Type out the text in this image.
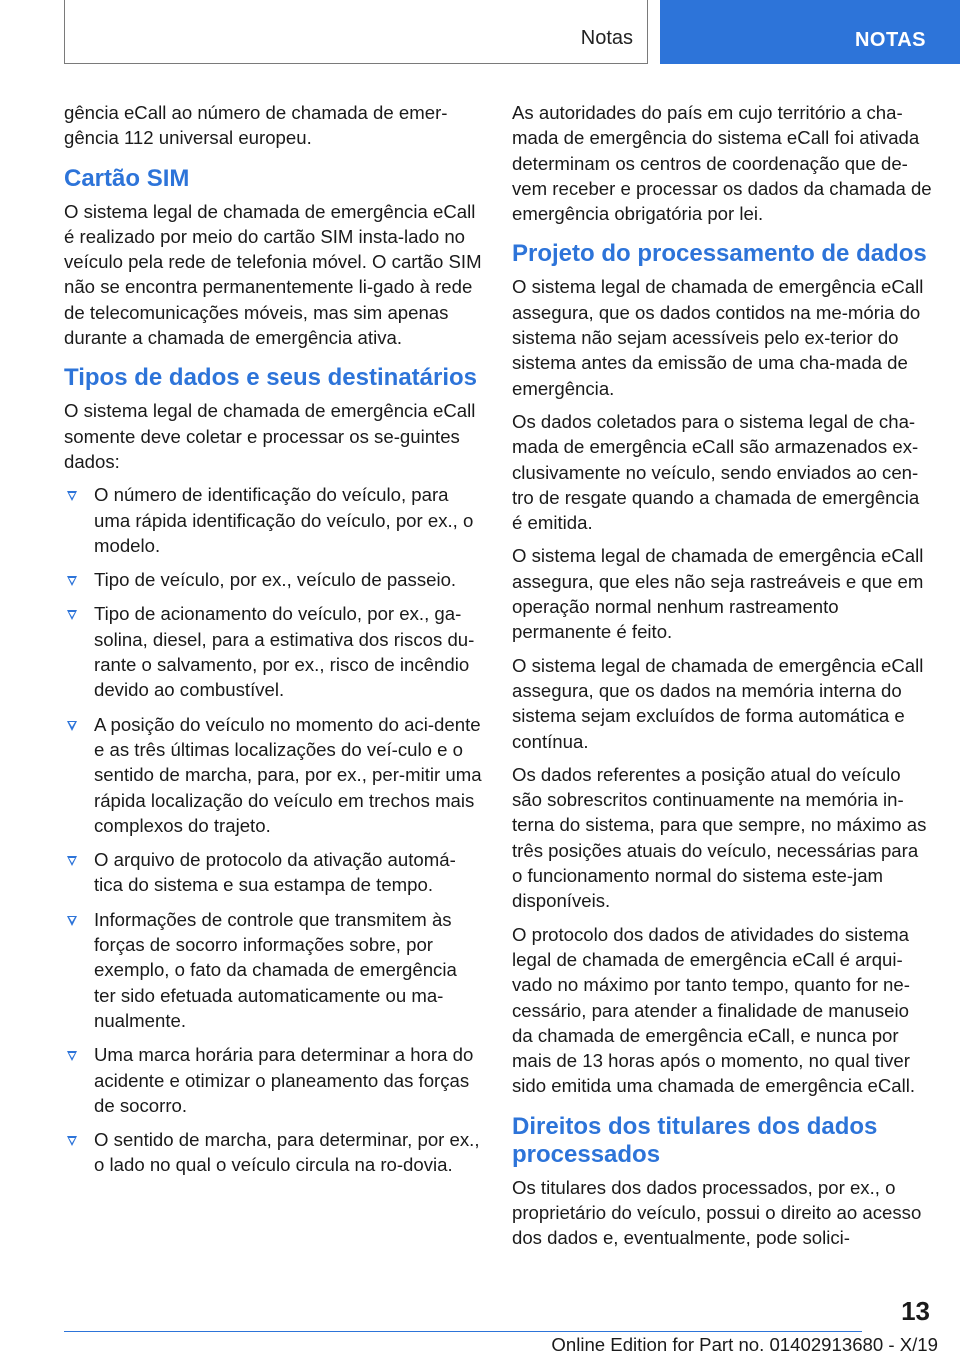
Notas	NOTAS

gência eCall ao número de chamada de emer-gência 112 universal europeu.

Cartão SIM

O sistema legal de chamada de emergência eCall é realizado por meio do cartão SIM insta-lado no veículo pela rede de telefonia móvel. O cartão SIM não se encontra permanentemente li-gado à rede de telecomunicações móveis, mas sim apenas durante a chamada de emergência ativa.

Tipos de dados e seus destinatários

O sistema legal de chamada de emergência eCall somente deve coletar e processar os se-guintes dados:

O número de identificação do veículo, para uma rápida identificação do veículo, por ex., o modelo.
Tipo de veículo, por ex., veículo de passeio.
Tipo de acionamento do veículo, por ex., ga-solina, diesel, para a estimativa dos riscos du-rante o salvamento, por ex., risco de incêndio devido ao combustível.
A posição do veículo no momento do aci-dente e as três últimas localizações do veí-culo e o sentido de marcha, para, por ex., per-mitir uma rápida localização do veículo em trechos mais complexos do trajeto.
O arquivo de protocolo da ativação automá-tica do sistema e sua estampa de tempo.
Informações de controle que transmitem às forças de socorro informações sobre, por exemplo, o fato da chamada de emergência ter sido efetuada automaticamente ou ma-nualmente.
Uma marca horária para determinar a hora do acidente e otimizar o planeamento das forças de socorro.
O sentido de marcha, para determinar, por ex., o lado no qual o veículo circula na ro-dovia.

As autoridades do país em cujo território a cha-mada de emergência do sistema eCall foi ativada determinam os centros de coordenação que de-vem receber e processar os dados da chamada de emergência obrigatória por lei.

Projeto do processamento de dados

O sistema legal de chamada de emergência eCall assegura, que os dados contidos na me-mória do sistema não sejam acessíveis pelo ex-terior do sistema antes da emissão de uma cha-mada de emergência.

Os dados coletados para o sistema legal de cha-mada de emergência eCall são armazenados ex-clusivamente no veículo, sendo enviados ao cen-tro de resgate quando a chamada de emergência é emitida.

O sistema legal de chamada de emergência eCall assegura, que eles não seja rastreáveis e que em operação normal nenhum rastreamento permanente é feito.

O sistema legal de chamada de emergência eCall assegura, que os dados na memória interna do sistema sejam excluídos de forma automática e contínua.

Os dados referentes a posição atual do veículo são sobrescritos continuamente na memória in-terna do sistema, para que sempre, no máximo as três posições atuais do veículo, necessárias para o funcionamento normal do sistema este-jam disponíveis.

O protocolo dos dados de atividades do sistema legal de chamada de emergência eCall é arqui-vado no máximo por tanto tempo, quanto for ne-cessário, para atender a finalidade de manuseio da chamada de emergência eCall, e nunca por mais de 13 horas após o momento, no qual tiver sido emitida uma chamada de emergência eCall.

Direitos dos titulares dos dados processados

Os titulares dos dados processados, por ex., o proprietário do veículo, possui o direito ao acesso dos dados e, eventualmente, pode solici-

13
Online Edition for Part no. 01402913680 - X/19
